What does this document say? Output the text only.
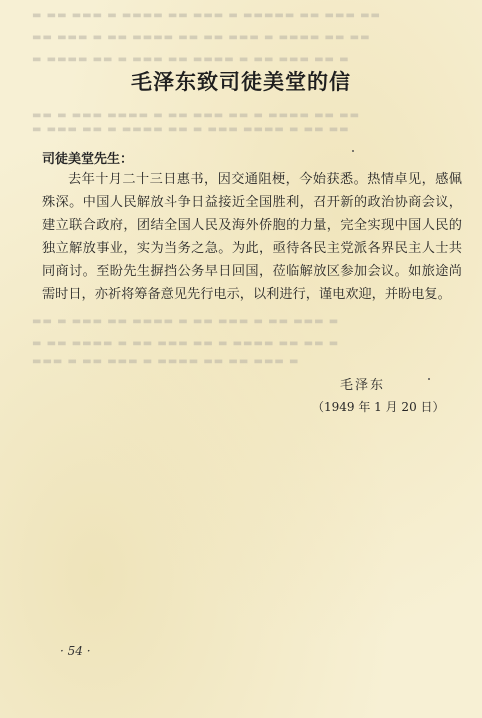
▬ ▬▬ ▬▬▬ ▬ ▬▬▬▬ ▬▬ ▬▬▬ ▬ ▬▬▬▬▬ ▬▬ ▬▬▬ ▬▬
▬▬ ▬▬▬ ▬ ▬▬ ▬▬▬▬ ▬▬ ▬▬ ▬▬▬ ▬ ▬▬▬▬ ▬▬ ▬▬
▬ ▬▬▬▬ ▬▬ ▬ ▬▬▬ ▬▬ ▬▬▬▬ ▬ ▬▬ ▬▬▬ ▬▬ ▬
▬▬ ▬ ▬▬▬ ▬▬▬▬ ▬ ▬▬ ▬▬▬ ▬▬ ▬ ▬▬▬▬ ▬▬ ▬▬
▬ ▬▬▬ ▬▬ ▬ ▬▬▬▬ ▬▬ ▬ ▬▬▬ ▬▬▬▬ ▬ ▬▬ ▬▬
▬▬ ▬ ▬▬▬ ▬▬ ▬▬▬▬ ▬ ▬▬ ▬▬▬ ▬ ▬▬ ▬▬▬ ▬
▬ ▬▬ ▬▬▬▬ ▬ ▬▬ ▬▬▬ ▬▬ ▬ ▬▬▬▬ ▬▬ ▬▬ ▬
▬▬▬ ▬ ▬▬ ▬▬▬ ▬ ▬▬▬▬ ▬▬ ▬▬ ▬▬▬ ▬
毛泽东致司徒美堂的信
司徒美堂先生：
去年十月二十三日惠书，因交通阻梗，今始获悉。热情卓见，感佩殊深。中国人民解放斗争日益接近全国胜利，召开新的政治协商会议，建立联合政府，团结全国人民及海外侨胞的力量，完全实现中国人民的独立解放事业，实为当务之急。为此，亟待各民主党派各界民主人士共同商讨。至盼先生摒挡公务早日回国，莅临解放区参加会议。如旅途尚需时日，亦祈将筹备意见先行电示，以利进行，谨电欢迎，并盼电复。
毛泽东
（1949 年 1 月 20 日）
· 54 ·
